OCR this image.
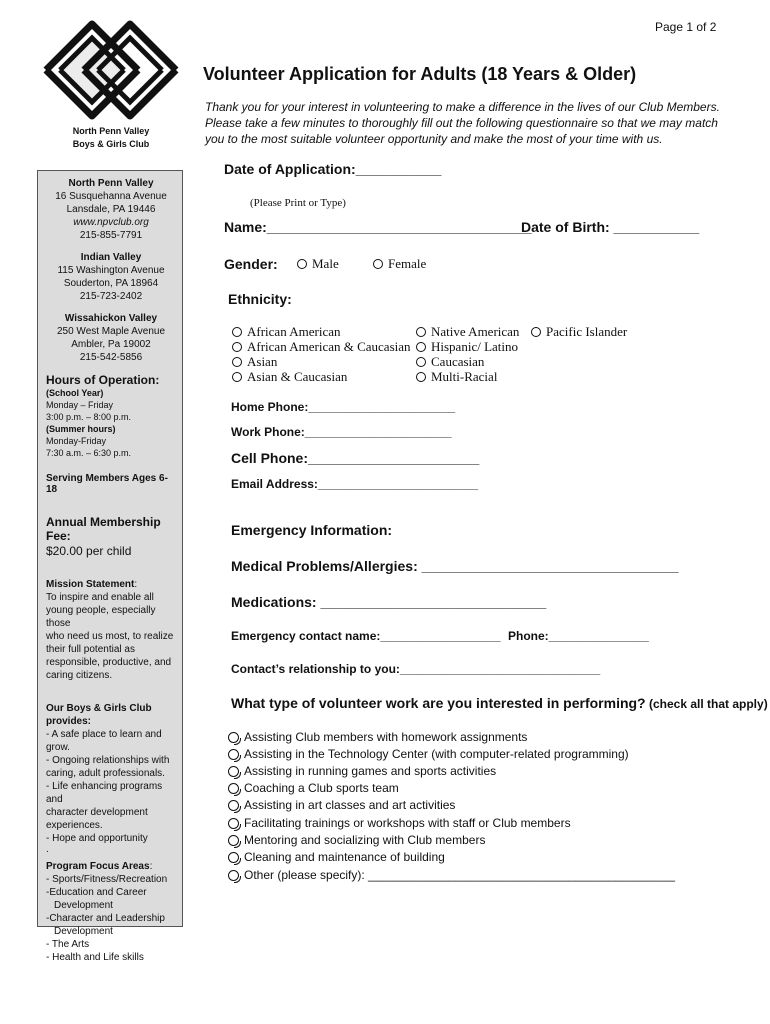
Page 1 of 2
North Penn Valley
Boys & Girls Club
North Penn Valley
16 Susquehanna Avenue
Lansdale, PA 19446
www.npvclub.org
215-855-7791
Indian Valley
115 Washington Avenue
Souderton, PA 18964
215-723-2402
Wissahickon Valley
250 West Maple Avenue
Ambler, Pa 19002
215-542-5856
Hours of Operation:
(School Year)
Monday – Friday
3:00 p.m. – 8:00 p.m.
(Summer hours)
Monday-Friday
7:30 a.m. – 6:30 p.m.
Serving Members Ages 6-18
Annual Membership Fee:
$20.00 per child
Mission Statement:
To inspire and enable all
young people, especially those
who need us most, to realize
their full potential as
responsible, productive, and
caring citizens.
Our Boys & Girls Club provides:
- A safe place to learn and
grow.
- Ongoing relationships with
caring, adult professionals.
- Life enhancing programs and
character development
experiences.
- Hope and opportunity
.
Program Focus Areas:
- Sports/Fitness/Recreation
-Education and Career
Development
-Character and Leadership
Development
- The Arts
- Health and Life skills
Volunteer Application for Adults (18 Years & Older)
Thank you for your interest in volunteering to make a difference in the lives of our Club Members. Please take a few minutes to thoroughly fill out the following questionnaire so that we may match you to the most suitable volunteer opportunity and make the most of your time with us.
Date of Application:___________
(Please Print or Type)
Name:__________________________________
Date of Birth: ___________
Gender:	Male	Female
Ethnicity:
African American
African American & Caucasian
Asian
Asian & Caucasian
Native American
Hispanic/ Latino
Caucasian
Multi-Racial
Pacific Islander
Home Phone:______________________
Work Phone:______________________
Cell Phone:______________________
Email Address:________________________
Emergency Information:
Medical Problems/Allergies: _________________________________
Medications: _____________________________
Emergency contact name:__________________ Phone:_______________
Contact’s relationship to you:______________________________
What type of volunteer work are you interested in performing? (check all that apply)
Assisting Club members with homework assignments
Assisting in the Technology Center (with computer-related programming)
Assisting in running games and sports activities
Coaching a Club sports team
Assisting in art classes and art activities
Facilitating trainings or workshops with staff or Club members
Mentoring and socializing with Club members
Cleaning and maintenance of building
Other (please specify): ______________________________________________
